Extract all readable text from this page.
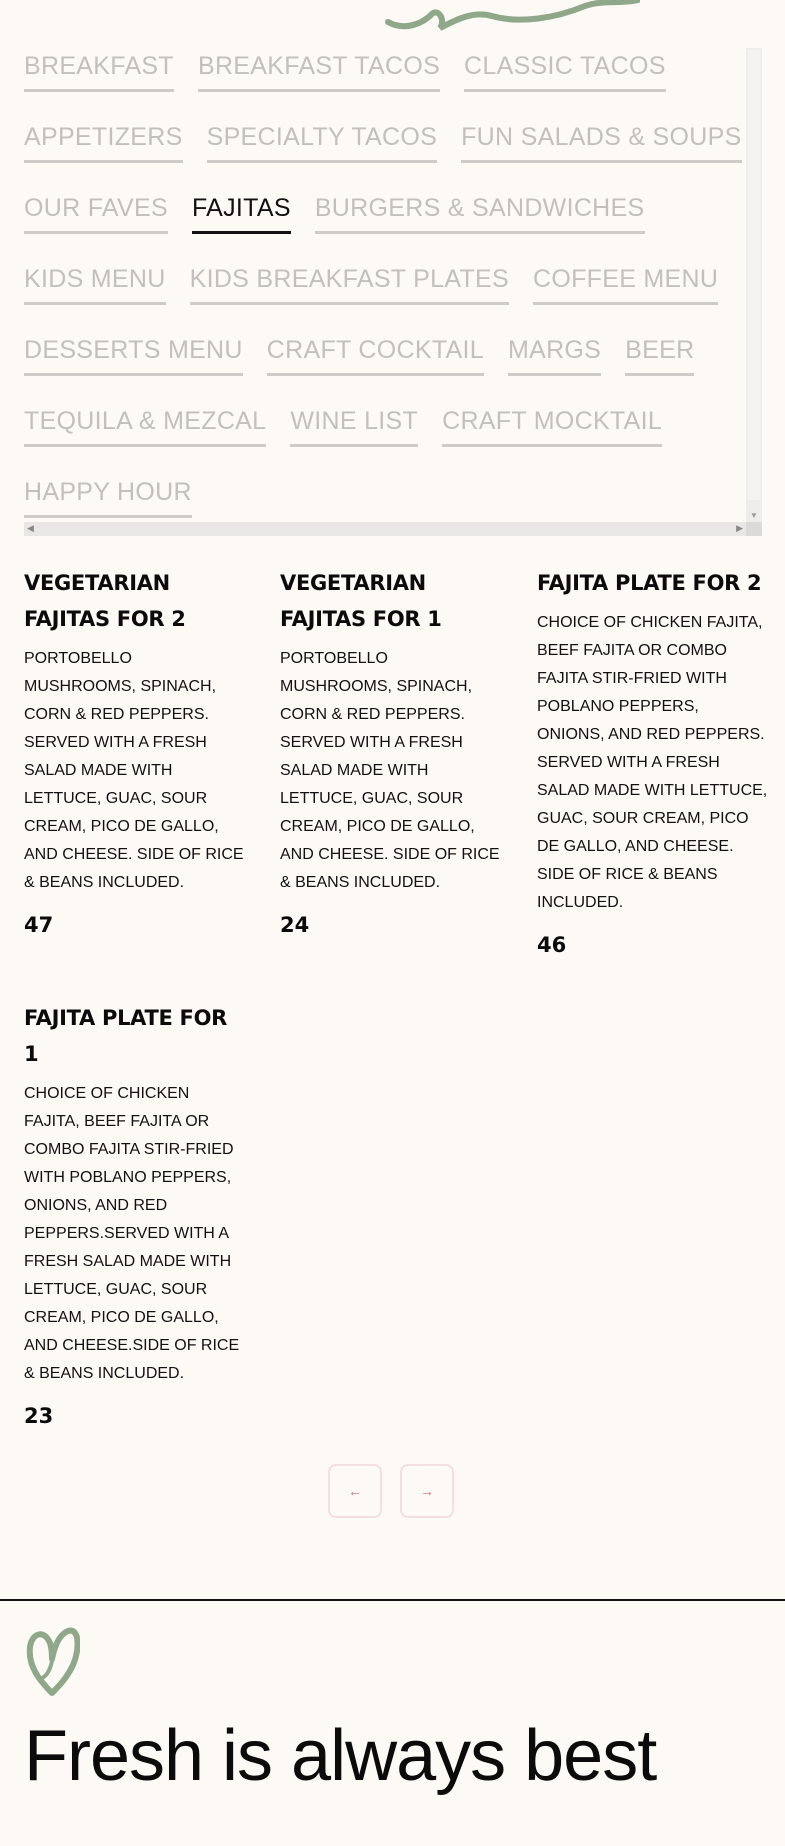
BREAKFAST BREAKFAST TACOS CLASSIC TACOS
APPETIZERS SPECIALTY TACOS FUN SALADS & SOUPS
OUR FAVES FAJITAS BURGERS & SANDWICHES
KIDS MENU KIDS BREAKFAST PLATES COFFEE MENU
DESSERTS MENU CRAFT COCKTAIL MARGS BEER
TEQUILA & MEZCAL WINE LIST CRAFT MOCKTAIL
HAPPY HOUR
▼
◀	▶
VEGETARIAN FAJITAS FOR 2
PORTOBELLO MUSHROOMS, SPINACH, CORN & RED PEPPERS. SERVED WITH A FRESH SALAD MADE WITH LETTUCE, GUAC, SOUR CREAM, PICO DE GALLO, AND CHEESE. SIDE OF RICE & BEANS INCLUDED.
47
VEGETARIAN FAJITAS FOR 1
PORTOBELLO MUSHROOMS, SPINACH, CORN & RED PEPPERS. SERVED WITH A FRESH SALAD MADE WITH LETTUCE, GUAC, SOUR CREAM, PICO DE GALLO, AND CHEESE. SIDE OF RICE & BEANS INCLUDED.
24
FAJITA PLATE FOR 2
CHOICE OF CHICKEN FAJITA, BEEF FAJITA OR COMBO FAJITA STIR-FRIED WITH POBLANO PEPPERS, ONIONS, AND RED PEPPERS. SERVED WITH A FRESH SALAD MADE WITH LETTUCE, GUAC, SOUR CREAM, PICO DE GALLO, AND CHEESE. SIDE OF RICE & BEANS INCLUDED.
46
FAJITA PLATE FOR 1
CHOICE OF CHICKEN FAJITA, BEEF FAJITA OR COMBO FAJITA STIR-FRIED WITH POBLANO PEPPERS, ONIONS, AND RED PEPPERS.SERVED WITH A FRESH SALAD MADE WITH LETTUCE, GUAC, SOUR CREAM, PICO DE GALLO, AND CHEESE.SIDE OF RICE & BEANS INCLUDED.
23
←	→
Fresh is always best
